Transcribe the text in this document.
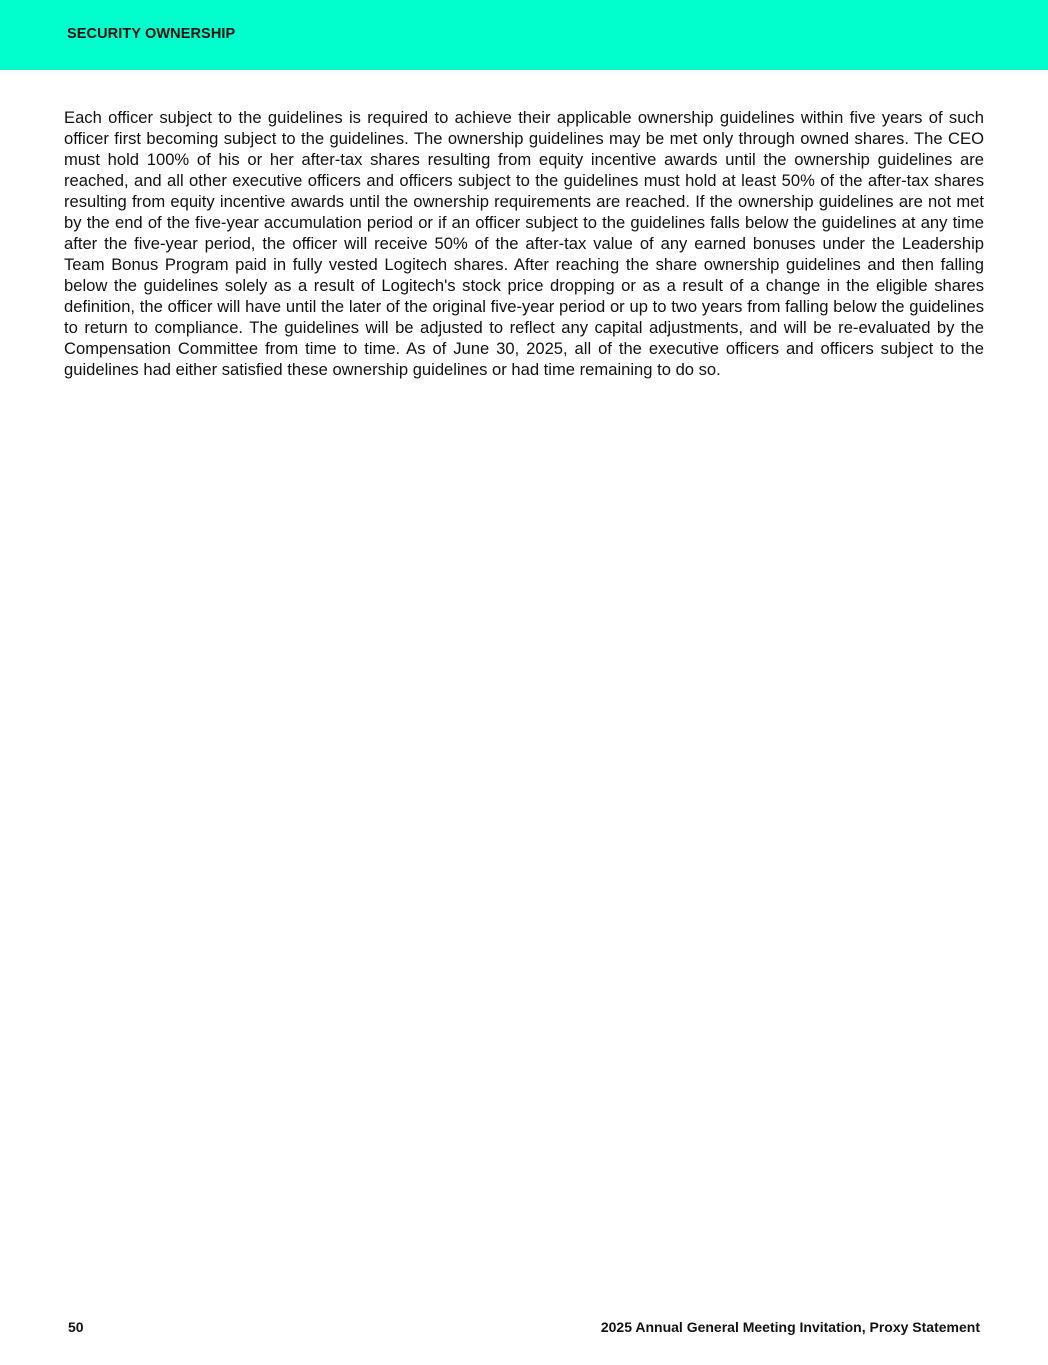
SECURITY OWNERSHIP

Each officer subject to the guidelines is required to achieve their applicable ownership guidelines within five years of such officer first becoming subject to the guidelines. The ownership guidelines may be met only through owned shares. The CEO must hold 100% of his or her after-tax shares resulting from equity incentive awards until the ownership guidelines are reached, and all other executive officers and officers subject to the guidelines must hold at least 50% of the after-tax shares resulting from equity incentive awards until the ownership requirements are reached. If the ownership guidelines are not met by the end of the five-year accumulation period or if an officer subject to the guidelines falls below the guidelines at any time after the five-year period, the officer will receive 50% of the after-tax value of any earned bonuses under the Leadership Team Bonus Program paid in fully vested Logitech shares. After reaching the share ownership guidelines and then falling below the guidelines solely as a result of Logitech's stock price dropping or as a result of a change in the eligible shares definition, the officer will have until the later of the original five-year period or up to two years from falling below the guidelines to return to compliance. The guidelines will be adjusted to reflect any capital adjustments, and will be re-evaluated by the Compensation Committee from time to time. As of June 30, 2025, all of the executive officers and officers subject to the guidelines had either satisfied these ownership guidelines or had time remaining to do so.

50	2025 Annual General Meeting Invitation, Proxy Statement
